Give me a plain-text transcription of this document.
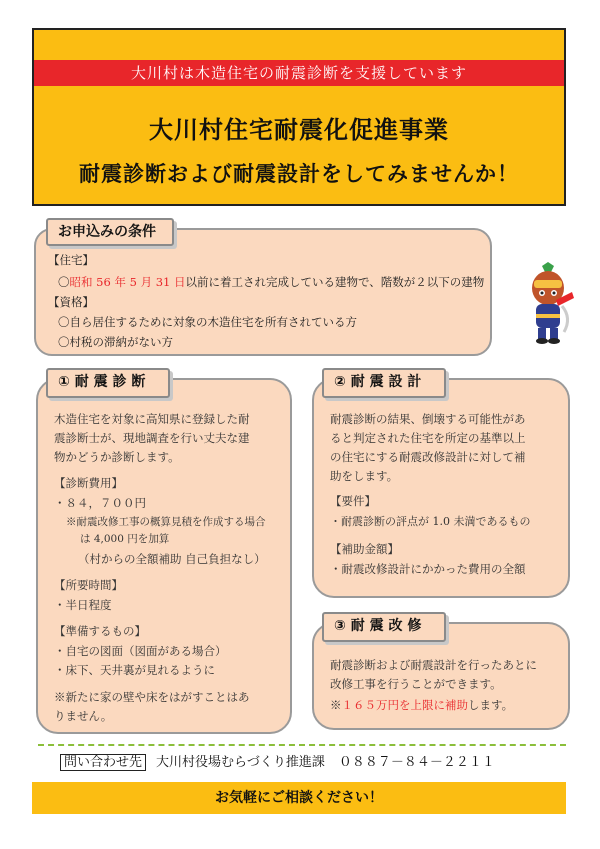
大川村は木造住宅の耐震診断を支援しています
大川村住宅耐震化促進事業
耐震診断および耐震設計をしてみませんか！
【住宅】
〇昭和 56 年 5 月 31 日以前に着工され完成している建物で、階数が２以下の建物
【資格】
〇自ら居住するために対象の木造住宅を所有されている方
〇村税の滞納がない方
お申込みの条件
木造住宅を対象に高知県に登録した耐
震診断士が、現地調査を行い丈夫な建
物かどうか診断します。
【診断費用】
・８４，７００円
※耐震改修工事の概算見積を作成する場合
は 4,000 円を加算
（村からの全額補助 自己負担なし）
【所要時間】
・半日程度
【準備するもの】
・自宅の図面（図面がある場合）
・床下、天井裏が見れるように
※新たに家の壁や床をはがすことはあ
りません。
① 耐 震 診 断
耐震診断の結果、倒壊する可能性があ
ると判定された住宅を所定の基準以上
の住宅にする耐震改修設計に対して補
助をします。
【要件】
・耐震診断の評点が 1.0 未満であるもの
【補助金額】
・耐震改修設計にかかった費用の全額
② 耐 震 設 計
耐震診断および耐震設計を行ったあとに
改修工事を行うことができます。
※１６５万円を上限に補助します。
③ 耐 震 改 修
問い合わせ先 大川村役場むらづくり推進課 ０８８７－８４－２２１１
お気軽にご相談ください！
